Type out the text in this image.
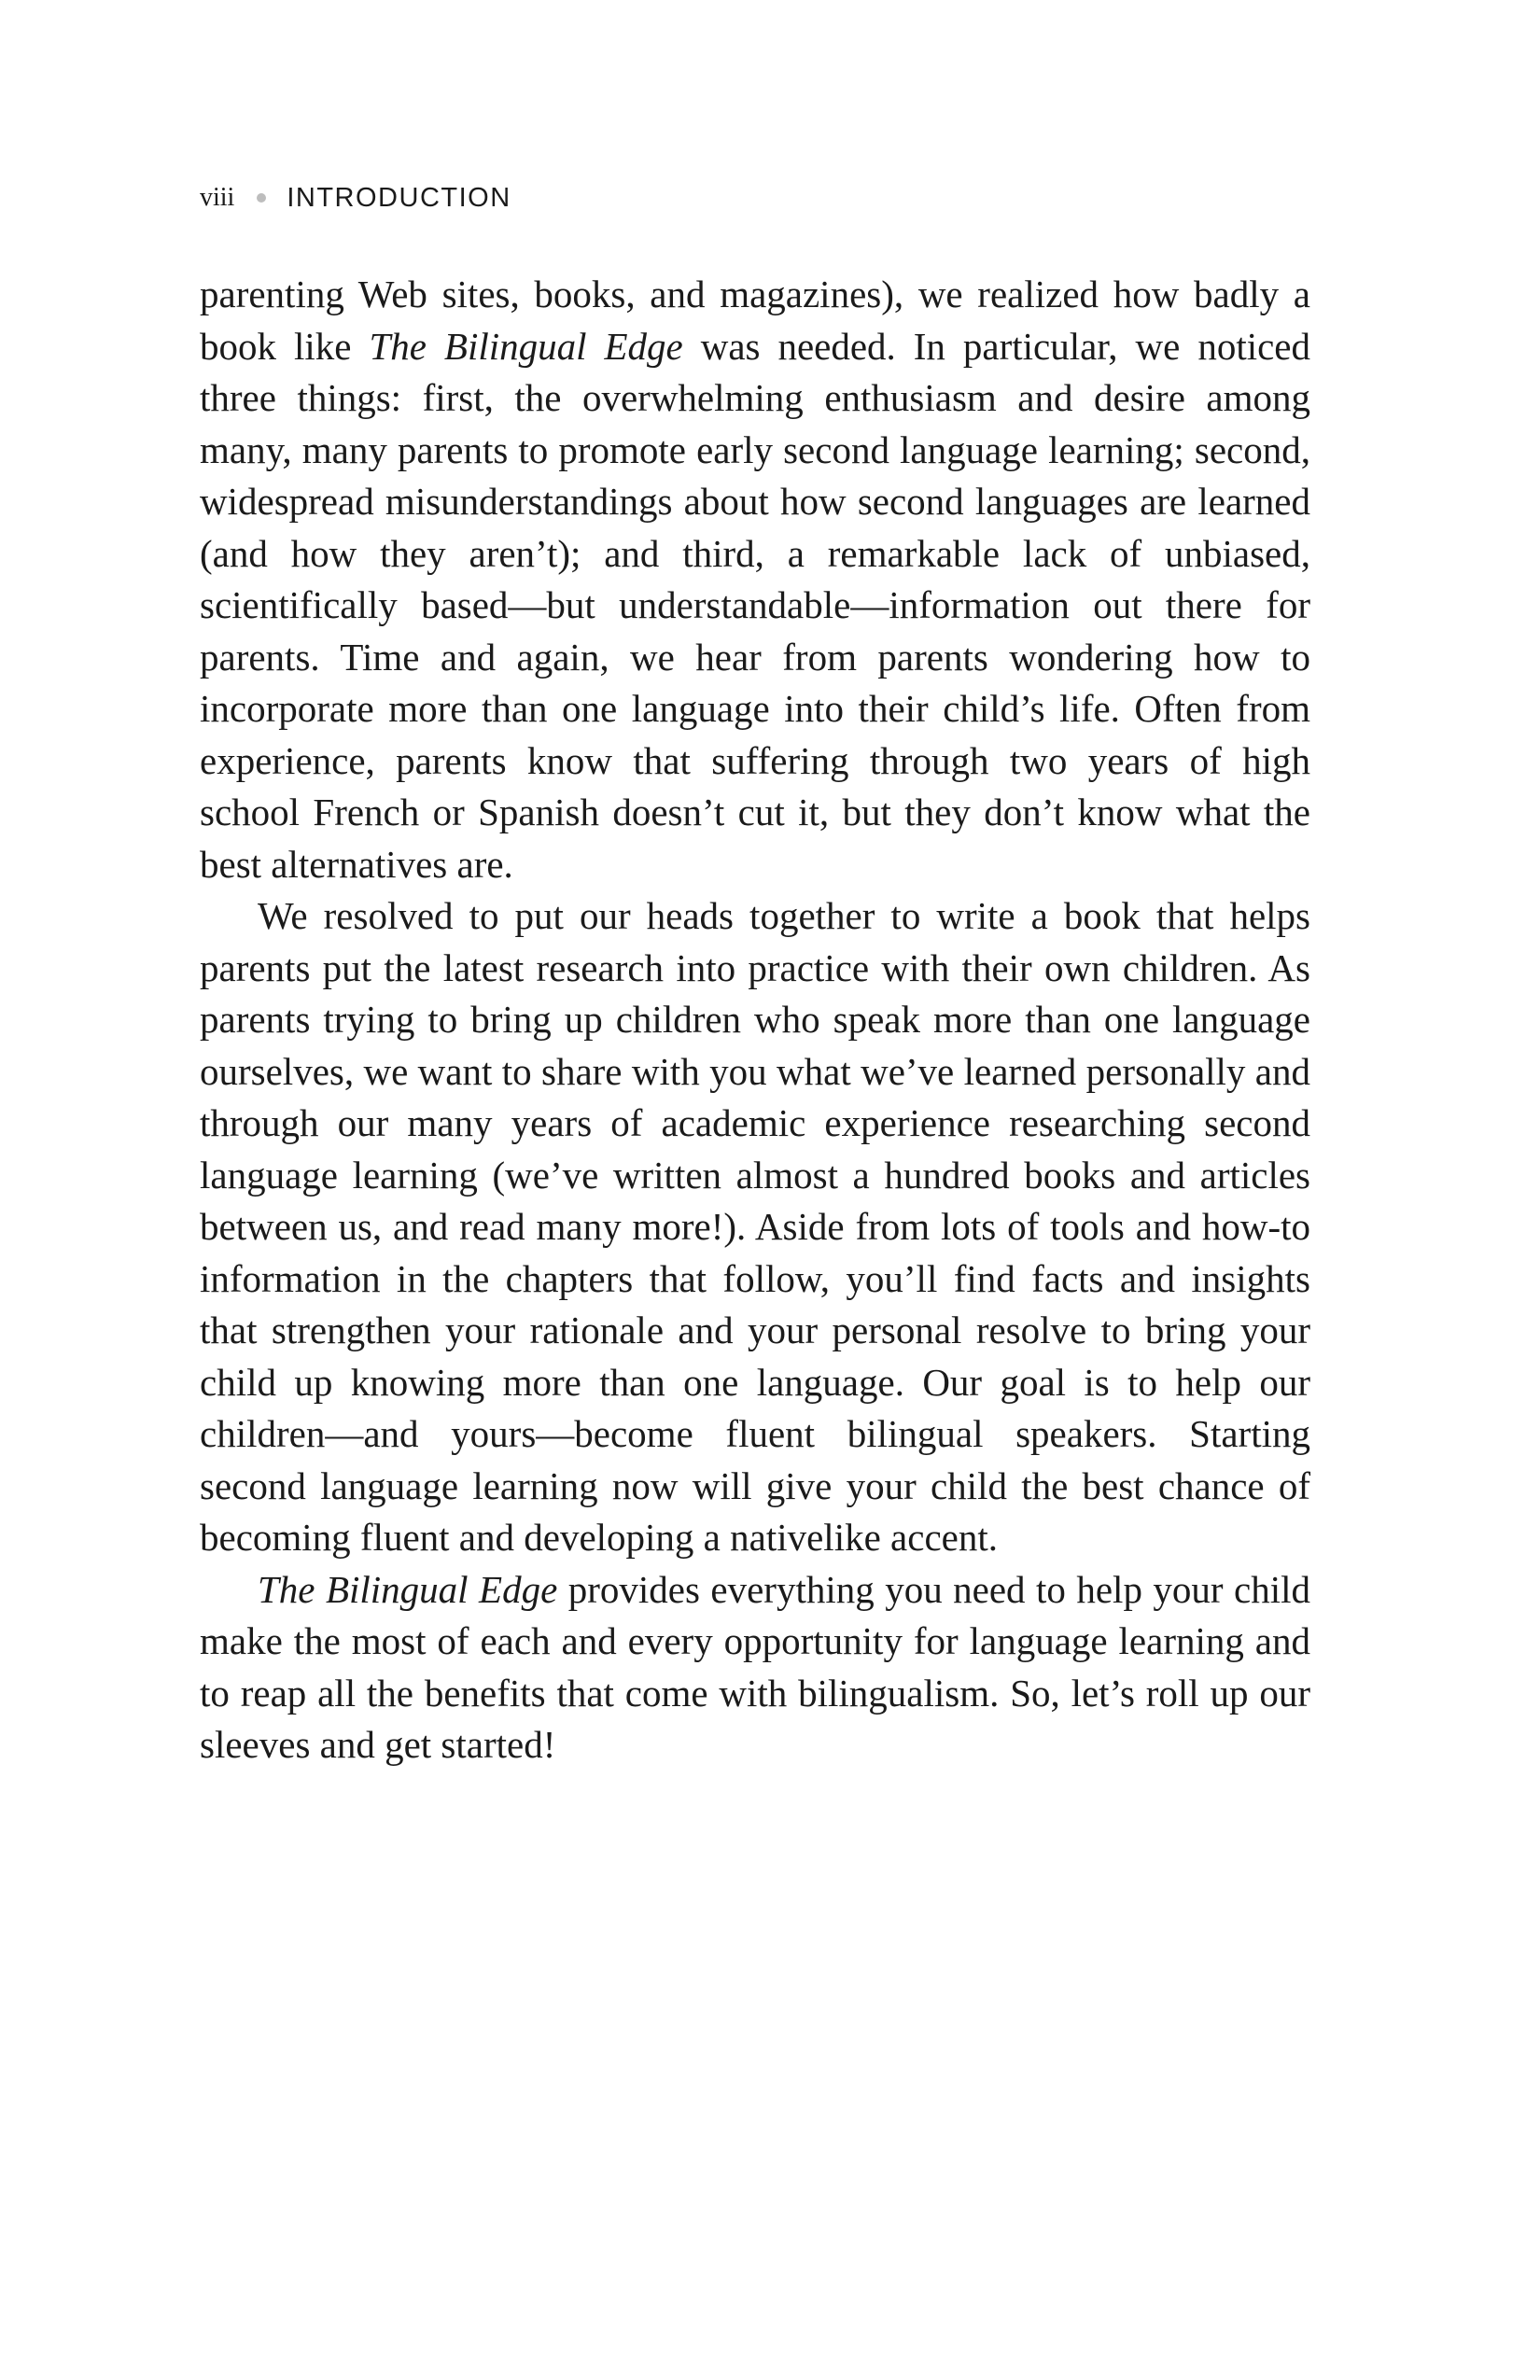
viii INTRODUCTION

parenting Web sites, books, and magazines), we realized how badly a book like The Bilingual Edge was needed. In particular, we noticed three things: first, the overwhelming enthusiasm and desire among many, many parents to promote early second language learning; second, widespread misunderstandings about how second languages are learned (and how they aren’t); and third, a remarkable lack of unbiased, scientifically based—but understandable—information out there for parents. Time and again, we hear from parents wondering how to incorporate more than one language into their child’s life. Often from experience, parents know that suffering through two years of high school French or Spanish doesn’t cut it, but they don’t know what the best alternatives are.

We resolved to put our heads together to write a book that helps parents put the latest research into practice with their own children. As parents trying to bring up children who speak more than one language ourselves, we want to share with you what we’ve learned personally and through our many years of academic experience researching second language learning (we’ve written almost a hundred books and articles between us, and read many more!). Aside from lots of tools and how-to information in the chapters that follow, you’ll find facts and insights that strengthen your rationale and your personal resolve to bring your child up knowing more than one language. Our goal is to help our children—and yours—become fluent bilingual speakers. Starting second language learning now will give your child the best chance of becoming fluent and developing a nativelike accent.

The Bilingual Edge provides everything you need to help your child make the most of each and every opportunity for language learning and to reap all the benefits that come with bilingualism. So, let’s roll up our sleeves and get started!
